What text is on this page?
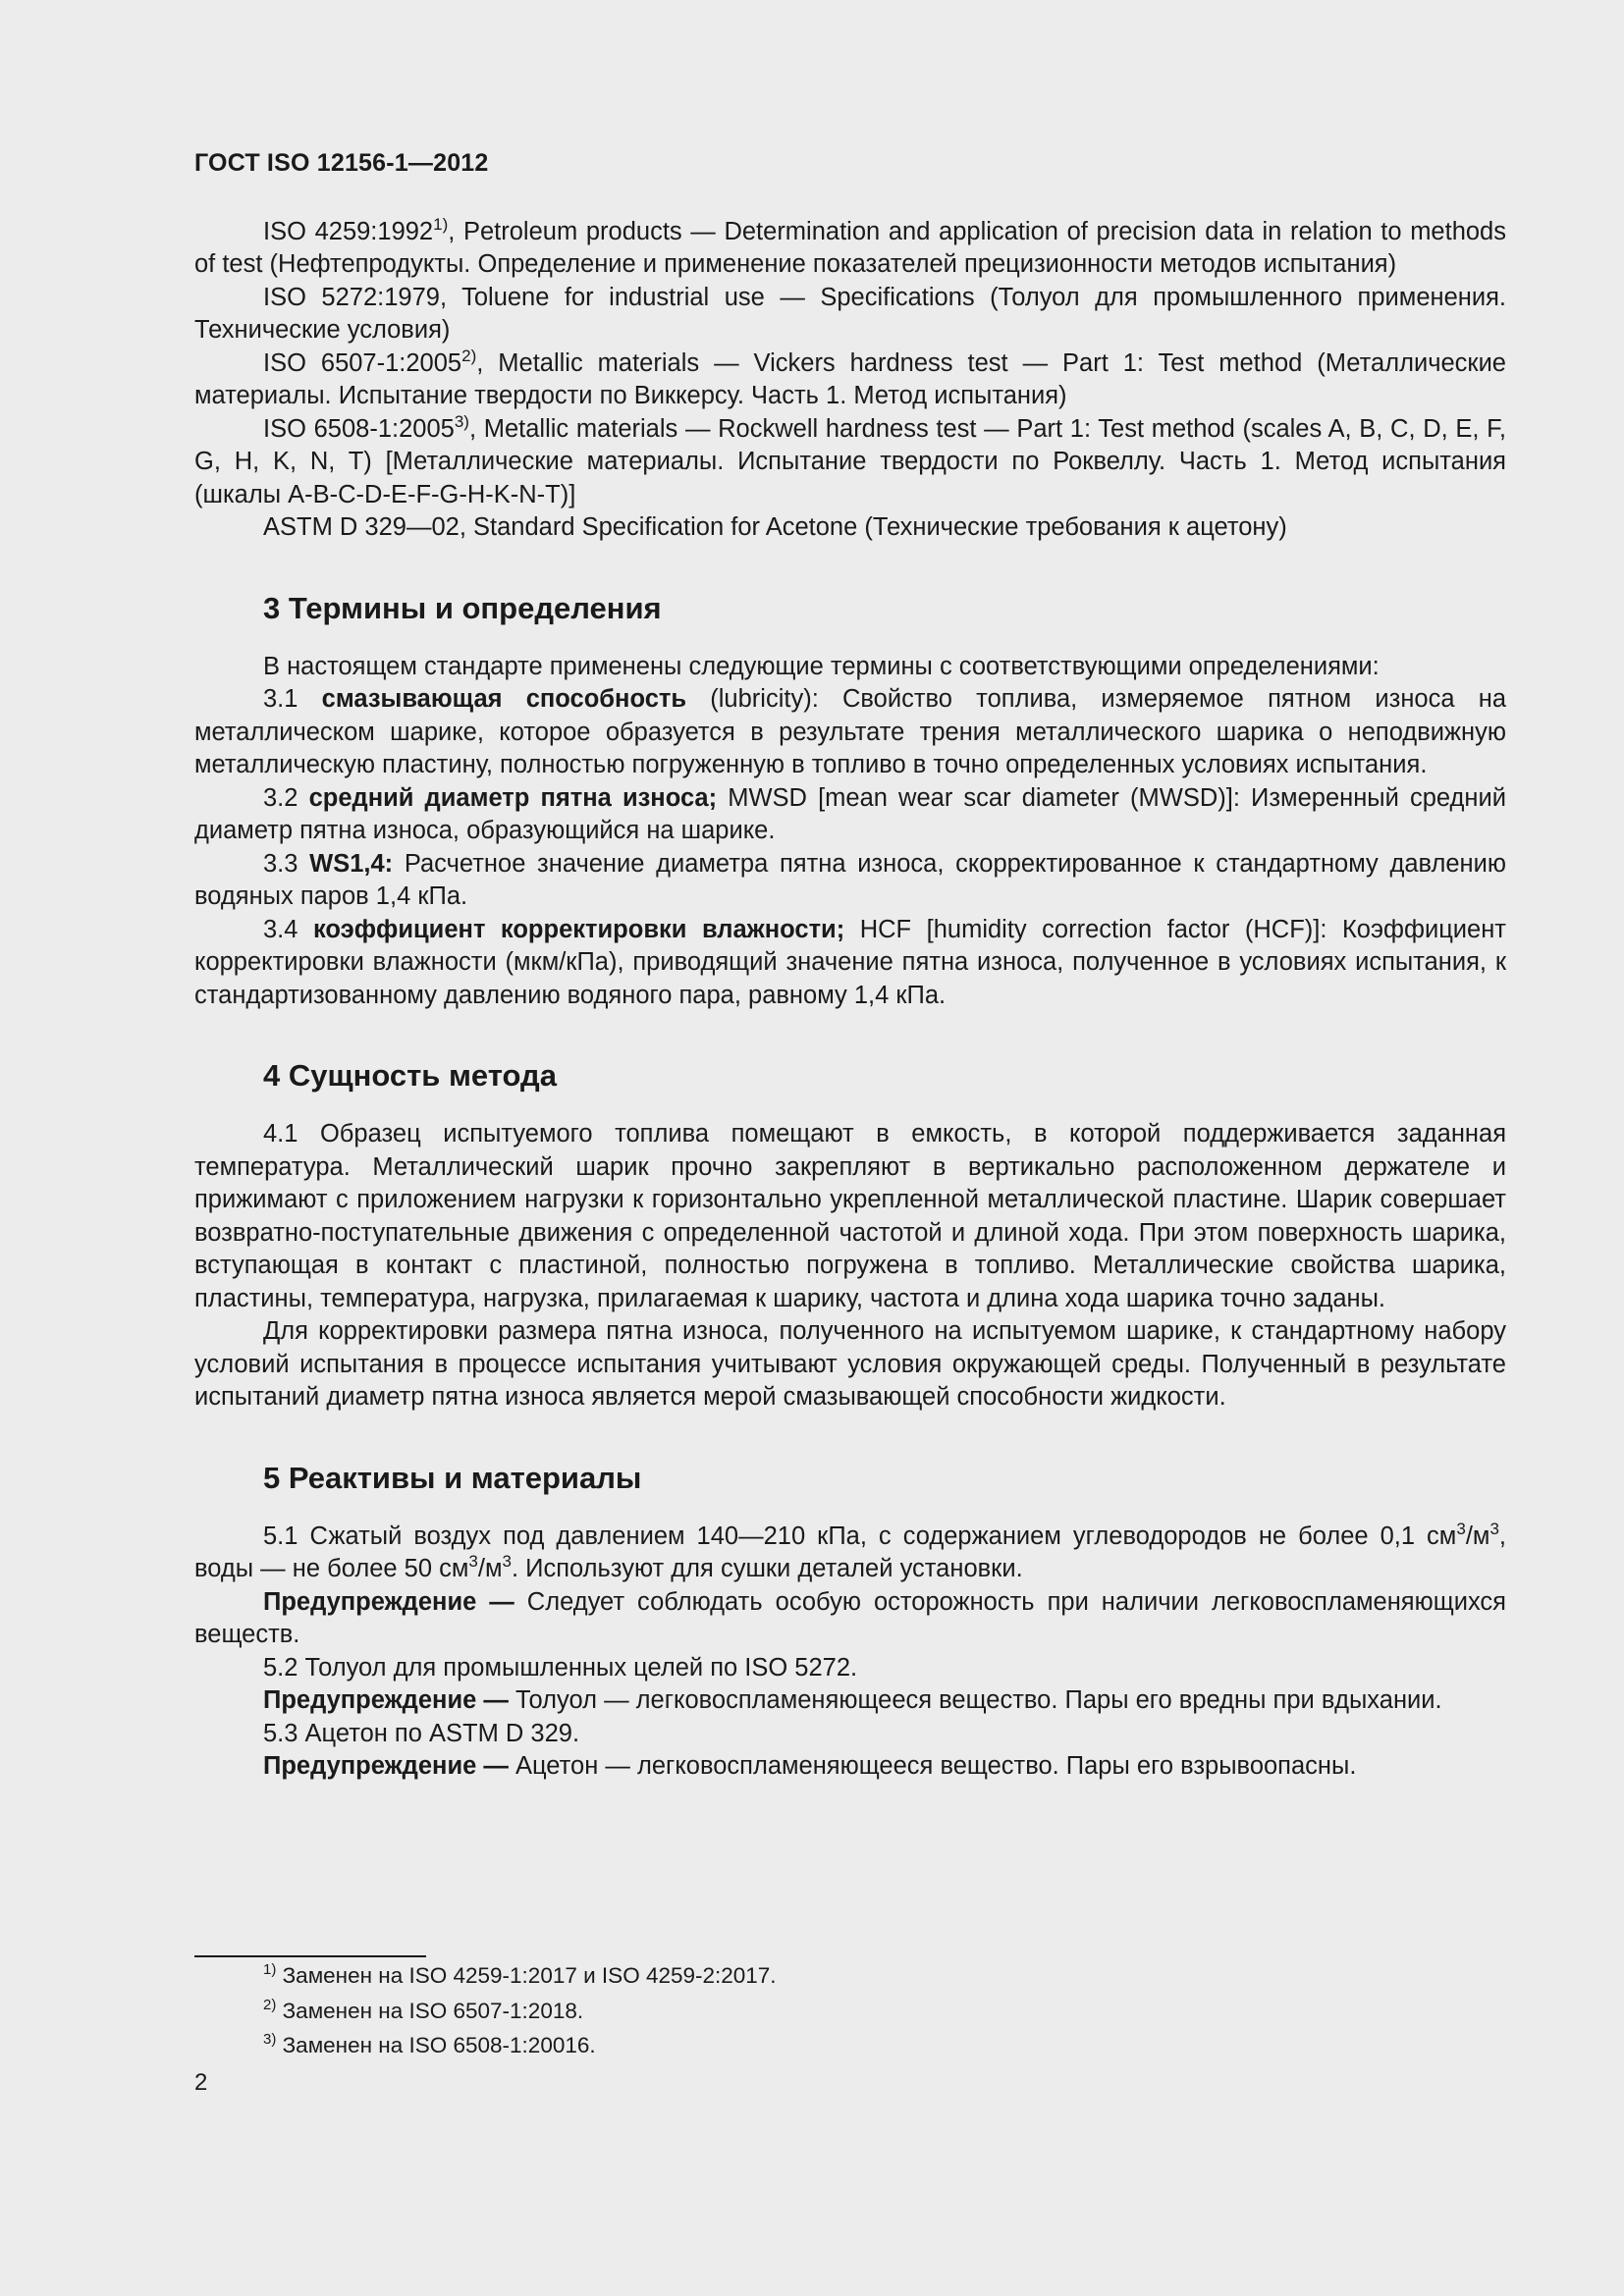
ГОСТ ISO 12156-1—2012

ISO 4259:1992$^{1)}$, Petroleum products — Determination and application of precision data in relation to methods of test (Нефтепродукты. Определение и применение показателей прецизионности методов испытания)

ISO 5272:1979, Toluene for industrial use — Specifications (Толуол для промышленного применения. Технические условия)

ISO 6507-1:2005$^{2)}$, Metallic materials — Vickers hardness test — Part 1: Test method (Металлические материалы. Испытание твердости по Виккерсу. Часть 1. Метод испытания)

ISO 6508-1:2005$^{3)}$, Metallic materials — Rockwell hardness test — Part 1: Test method (scales A, B, C, D, E, F, G, H, K, N, T) [Металлические материалы. Испытание твердости по Роквеллу. Часть 1. Метод испытания (шкалы A-B-C-D-E-F-G-H-K-N-T)]

ASTM D 329—02, Standard Specification for Acetone (Технические требования к ацетону)

3 Термины и определения

В настоящем стандарте применены следующие термины с соответствующими определениями:

3.1 смазывающая способность (lubricity): Свойство топлива, измеряемое пятном износа на металлическом шарике, которое образуется в результате трения металлического шарика о неподвижную металлическую пластину, полностью погруженную в топливо в точно определенных условиях испытания.

3.2 средний диаметр пятна износа; MWSD [mean wear scar diameter (MWSD)]: Измеренный средний диаметр пятна износа, образующийся на шарике.

3.3 WS1,4: Расчетное значение диаметра пятна износа, скорректированное к стандартному давлению водяных паров 1,4 кПа.

3.4 коэффициент корректировки влажности; HCF [humidity correction factor (HCF)]: Коэффициент корректировки влажности (мкм/кПа), приводящий значение пятна износа, полученное в условиях испытания, к стандартизованному давлению водяного пара, равному 1,4 кПа.

4 Сущность метода

4.1 Образец испытуемого топлива помещают в емкость, в которой поддерживается заданная температура. Металлический шарик прочно закрепляют в вертикально расположенном держателе и прижимают с приложением нагрузки к горизонтально укрепленной металлической пластине. Шарик совершает возвратно-поступательные движения с определенной частотой и длиной хода. При этом поверхность шарика, вступающая в контакт с пластиной, полностью погружена в топливо. Металлические свойства шарика, пластины, температура, нагрузка, прилагаемая к шарику, частота и длина хода шарика точно заданы.

Для корректировки размера пятна износа, полученного на испытуемом шарике, к стандартному набору условий испытания в процессе испытания учитывают условия окружающей среды. Полученный в результате испытаний диаметр пятна износа является мерой смазывающей способности жидкости.

5 Реактивы и материалы

5.1 Сжатый воздух под давлением 140—210 кПа, с содержанием углеводородов не более 0,1 $см^3/м^3$, воды — не более 50 $см^3/м^3$. Используют для сушки деталей установки.

Предупреждение — Следует соблюдать особую осторожность при наличии легковоспламеняющихся веществ.

5.2 Толуол для промышленных целей по ISO 5272.

Предупреждение — Толуол — легковоспламеняющееся вещество. Пары его вредны при вдыхании.

5.3 Ацетон по ASTM D 329.

Предупреждение — Ацетон — легковоспламеняющееся вещество. Пары его взрывоопасны.

$^{1)}$ Заменен на ISO 4259-1:2017 и ISO 4259-2:2017.
$^{2)}$ Заменен на ISO 6507-1:2018.
$^{3)}$ Заменен на ISO 6508-1:20016.
2
